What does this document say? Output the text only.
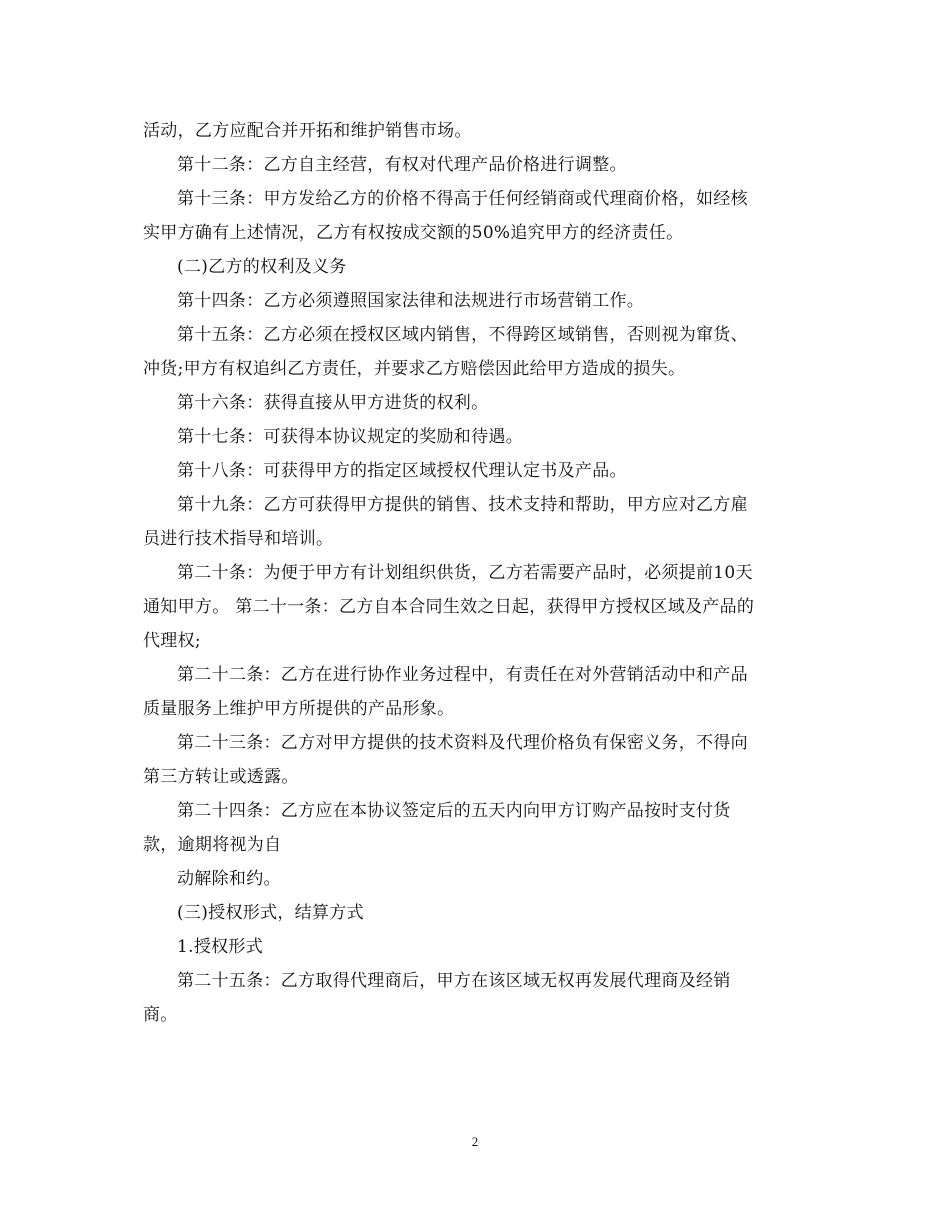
活动，乙方应配合并开拓和维护销售市场。
第十二条：乙方自主经营，有权对代理产品价格进行调整。
第十三条：甲方发给乙方的价格不得高于任何经销商或代理商价格，如经核
实甲方确有上述情况，乙方有权按成交额的50%追究甲方的经济责任。
(二)乙方的权利及义务
第十四条：乙方必须遵照国家法律和法规进行市场营销工作。
第十五条：乙方必须在授权区域内销售，不得跨区域销售，否则视为窜货、
冲货;甲方有权追纠乙方责任，并要求乙方赔偿因此给甲方造成的损失。
第十六条：获得直接从甲方进货的权利。
第十七条：可获得本协议规定的奖励和待遇。
第十八条：可获得甲方的指定区域授权代理认定书及产品。
第十九条：乙方可获得甲方提供的销售、技术支持和帮助，甲方应对乙方雇
员进行技术指导和培训。
第二十条：为便于甲方有计划组织供货，乙方若需要产品时，必须提前10天
通知甲方。 第二十一条：乙方自本合同生效之日起，获得甲方授权区域及产品的
代理权;
第二十二条：乙方在进行协作业务过程中，有责任在对外营销活动中和产品
质量服务上维护甲方所提供的产品形象。
第二十三条：乙方对甲方提供的技术资料及代理价格负有保密义务，不得向
第三方转让或透露。
第二十四条：乙方应在本协议签定后的五天内向甲方订购产品按时支付货
款，逾期将视为自
动解除和约。
(三)授权形式，结算方式
1.授权形式
第二十五条：乙方取得代理商后，甲方在该区域无权再发展代理商及经销
商。
2
